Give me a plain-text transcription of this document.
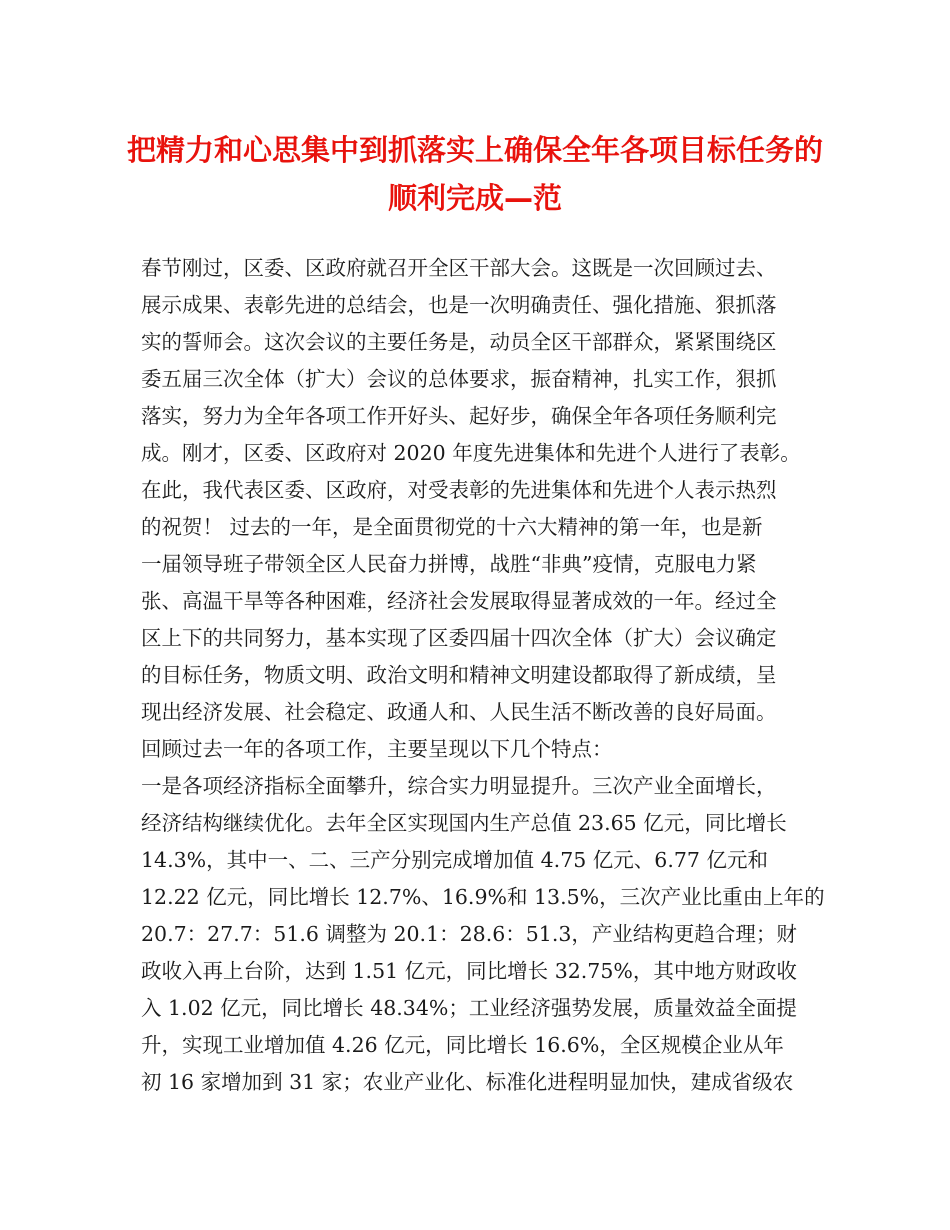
把精力和心思集中到抓落实上确保全年各项目标任务的
顺利完成—范
春节刚过，区委、区政府就召开全区干部大会。这既是一次回顾过去、
展示成果、表彰先进的总结会，也是一次明确责任、强化措施、狠抓落
实的誓师会。这次会议的主要任务是，动员全区干部群众，紧紧围绕区
委五届三次全体（扩大）会议的总体要求，振奋精神，扎实工作，狠抓
落实，努力为全年各项工作开好头、起好步，确保全年各项任务顺利完
成。刚才，区委、区政府对 2020 年度先进集体和先进个人进行了表彰。
在此，我代表区委、区政府，对受表彰的先进集体和先进个人表示热烈
的祝贺！ 过去的一年，是全面贯彻党的十六大精神的第一年，也是新
一届领导班子带领全区人民奋力拼博，战胜“非典”疫情，克服电力紧
张、高温干旱等各种困难，经济社会发展取得显著成效的一年。经过全
区上下的共同努力，基本实现了区委四届十四次全体（扩大）会议确定
的目标任务，物质文明、政治文明和精神文明建设都取得了新成绩，呈
现出经济发展、社会稳定、政通人和、人民生活不断改善的良好局面。
回顾过去一年的各项工作，主要呈现以下几个特点：
一是各项经济指标全面攀升，综合实力明显提升。三次产业全面增长，
经济结构继续优化。去年全区实现国内生产总值 23.65 亿元，同比增长
14.3%，其中一、二、三产分别完成增加值 4.75 亿元、6.77 亿元和
12.22 亿元，同比增长 12.7%、16.9%和 13.5%，三次产业比重由上年的
20.7：27.7：51.6 调整为 20.1：28.6：51.3，产业结构更趋合理；财
政收入再上台阶，达到 1.51 亿元，同比增长 32.75%，其中地方财政收
入 1.02 亿元，同比增长 48.34%；工业经济强势发展，质量效益全面提
升，实现工业增加值 4.26 亿元，同比增长 16.6%，全区规模企业从年
初 16 家增加到 31 家；农业产业化、标准化进程明显加快，建成省级农
